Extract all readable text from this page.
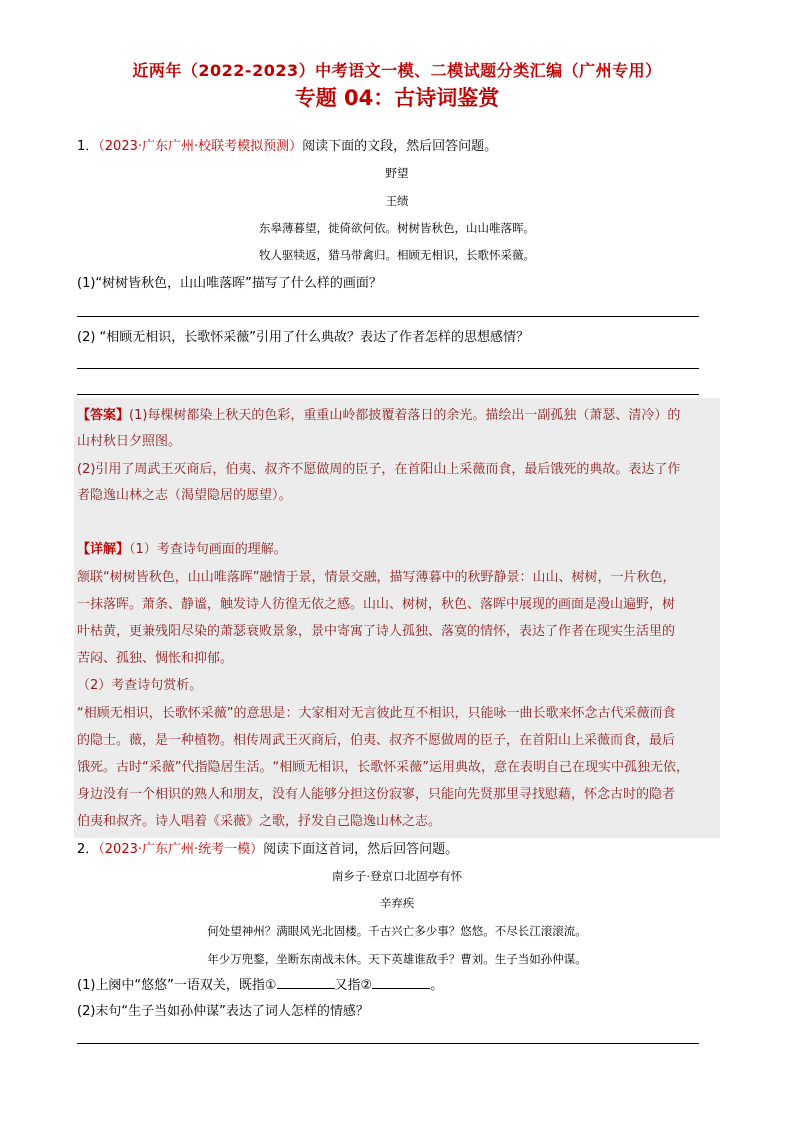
近两年（2022-2023）中考语文一模、二模试题分类汇编（广州专用）
专题 04：古诗词鉴赏
1．（2023·广东广州·校联考模拟预测）阅读下面的文段，然后回答问题。
野望
王绩
东皋薄暮望，徙倚欲何依。树树皆秋色，山山唯落晖。
牧人驱犊返，猎马带禽归。相顾无相识，长歌怀采薇。
(1)“树树皆秋色，山山唯落晖”描写了什么样的画面？
(2) “相顾无相识，长歌怀采薇”引用了什么典故？表达了作者怎样的思想感情？
【答案】(1)每棵树都染上秋天的色彩，重重山岭都披覆着落日的余光。描绘出一副孤独（萧瑟、清冷）的
山村秋日夕照图。
(2)引用了周武王灭商后，伯夷、叔齐不愿做周的臣子，在首阳山上采薇而食，最后饿死的典故。表达了作
者隐逸山林之志（渴望隐居的愿望）。
【详解】（1）考查诗句画面的理解。
颔联“树树皆秋色，山山唯落晖”融情于景，情景交融，描写薄暮中的秋野静景：山山、树树，一片秋色，
一抹落晖。萧条、静谧，触发诗人彷徨无依之感。山山、树树，秋色、落晖中展现的画面是漫山遍野，树
叶枯黄，更兼残阳尽染的萧瑟衰败景象，景中寄寓了诗人孤独、落寞的情怀，表达了作者在现实生活里的
苦闷、孤独、惆怅和抑郁。
（2）考查诗句赏析。
“相顾无相识，长歌怀采薇”的意思是：大家相对无言彼此互不相识，只能咏一曲长歌来怀念古代采薇而食
的隐士。薇，是一种植物。相传周武王灭商后，伯夷、叔齐不愿做周的臣子，在首阳山上采薇而食，最后
饿死。古时“采薇”代指隐居生活。“相顾无相识，长歌怀采薇”运用典故，意在表明自己在现实中孤独无依，
身边没有一个相识的熟人和朋友，没有人能够分担这份寂寥，只能向先贤那里寻找慰藉，怀念古时的隐者
伯夷和叔齐。诗人唱着《采薇》之歌，抒发自己隐逸山林之志。
2．（2023·广东广州·统考一模）阅读下面这首词，然后回答问题。
南乡子·登京口北固亭有怀
辛弃疾
何处望神州？满眼风光北固楼。千古兴亡多少事？悠悠。不尽长江滚滚流。
年少万兜鍪，坐断东南战未休。天下英雄谁敌手？曹刘。生子当如孙仲谋。
(1)上阕中“悠悠”一语双关，既指①	又指②	。
(2)末句“生子当如孙仲谋”表达了词人怎样的情感？
